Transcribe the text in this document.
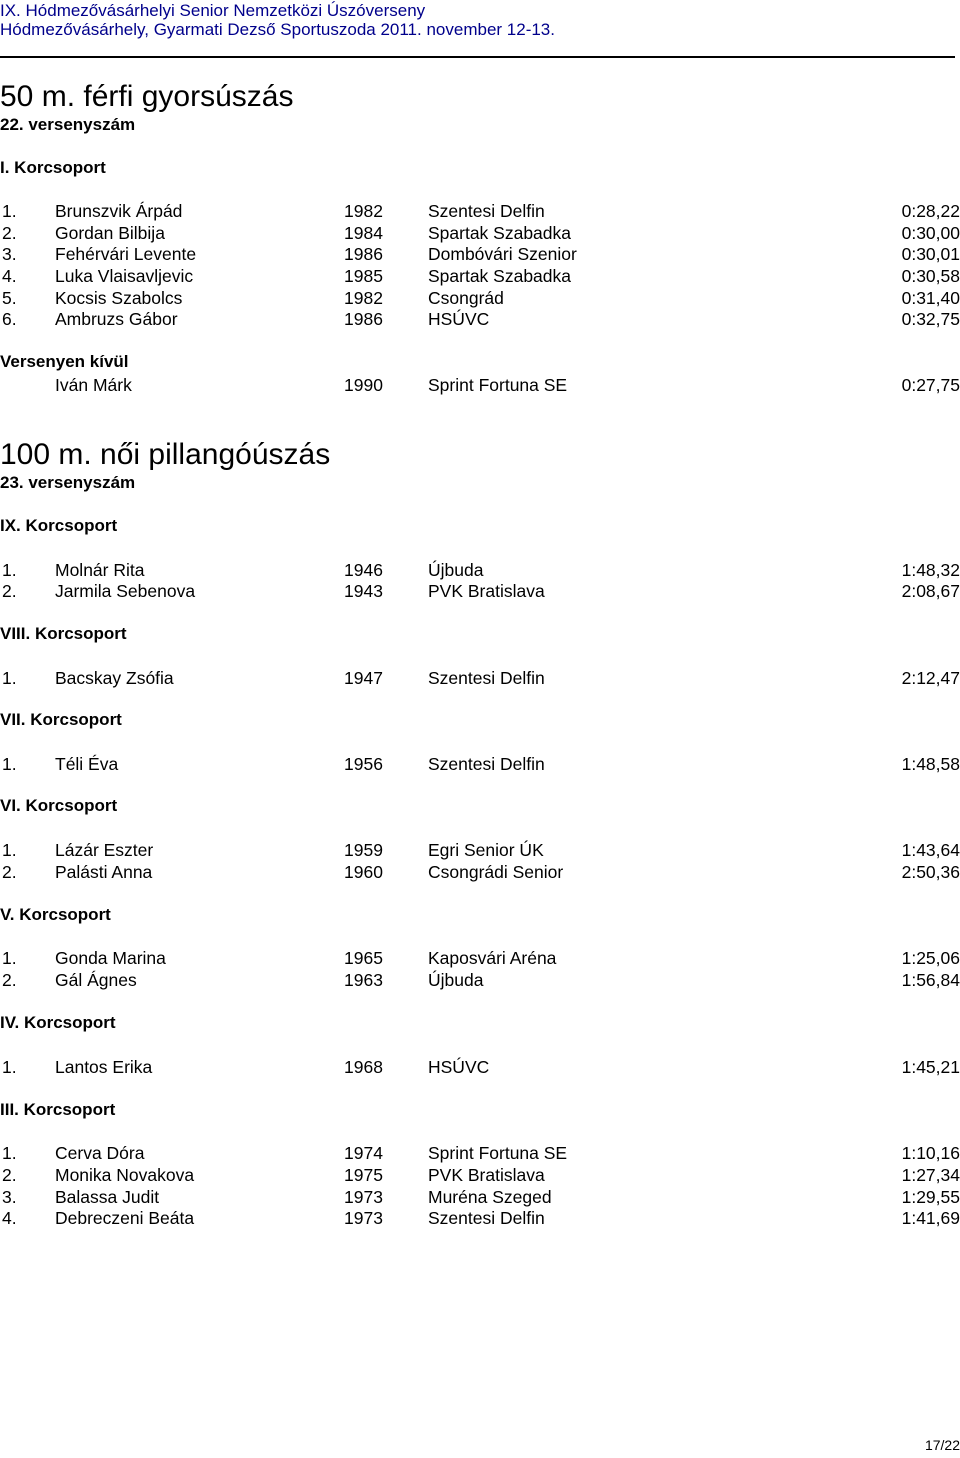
IX. Hódmezővásárhelyi Senior Nemzetközi Úszóverseny
Hódmezővásárhely, Gyarmati Dezső Sportuszoda 2011. november 12-13.
50 m. férfi gyorsúszás
22. versenyszám
I. Korcsoport
1. Brunszvik Árpád	1982	Szentesi Delfin	0:28,22
2. Gordan Bilbija	1984	Spartak Szabadka	0:30,00
3. Fehérvári Levente	1986	Dombóvári Szenior	0:30,01
4. Luka Vlaisavljevic	1985	Spartak Szabadka	0:30,58
5. Kocsis Szabolcs	1982	Csongrád	0:31,40
6. Ambruzs Gábor	1986	HSÚVC	0:32,75
Versenyen kívül
Iván Márk	1990	Sprint Fortuna SE	0:27,75
100 m. női pillangóúszás
23. versenyszám
IX. Korcsoport
1. Molnár Rita	1946	Újbuda	1:48,32
2. Jarmila Sebenova	1943	PVK Bratislava	2:08,67
VIII. Korcsoport
1. Bacskay Zsófia	1947	Szentesi Delfin	2:12,47
VII. Korcsoport
1. Téli Éva	1956	Szentesi Delfin	1:48,58
VI. Korcsoport
1. Lázár Eszter	1959	Egri Senior ÚK	1:43,64
2. Palásti Anna	1960	Csongrádi Senior	2:50,36
V. Korcsoport
1. Gonda Marina	1965	Kaposvári Aréna	1:25,06
2. Gál Ágnes	1963	Újbuda	1:56,84
IV. Korcsoport
1. Lantos Erika	1968	HSÚVC	1:45,21
III. Korcsoport
1. Cerva Dóra	1974	Sprint Fortuna SE	1:10,16
2. Monika Novakova	1975	PVK Bratislava	1:27,34
3. Balassa Judit	1973	Muréna Szeged	1:29,55
4. Debreczeni Beáta	1973	Szentesi Delfin	1:41,69
17/22
